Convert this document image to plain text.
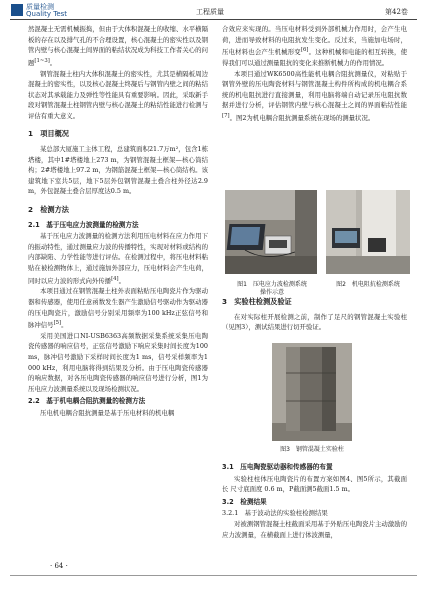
质量检测
Quality Test	工程质量	第42卷

然混凝土无需机械振捣，但由于大体积混凝土的收缩、水平横隔板的存在以及排气孔的不合理设置，核心混凝土的密实性以及钢管内壁与核心混凝土间界面的粘结状况成为科技工作者关心的问题[1~3]。

钢管混凝土柱内大体积混凝土的密实性，尤其是横隔板周边混凝土的密实性，以及核心混凝土终凝后与钢管内壁之间的粘结状态对其承载能力及弹性等性能具有重要影响。因此，采取新手段对钢管混凝土柱钢管内壁与核心混凝土的粘结性能进行检测与评估有重大意义。

1　项目概况

某总部大厦施工主体工程，总建筑面积21.7万m²，包含1栋塔楼，其中1#塔楼地上273 m，为钢管混凝土框架—核心筒结构；2#塔楼地上97.2 m，为钢筋混凝土框架—核心筒结构。该建筑地下室共5层，地下5层外包钢管混凝土叠合柱外径达2.9 m，外包混凝土叠合层厚度达0.5 m。

2　检测方法
2.1　基于压电应力波测量的检测方法

基于压电应力波测量的检测方法利用压电材料在应力作用下的振动特性，通过测量应力波的传播特性，实现对材料或结构的内部缺陷、力学性能等进行评估。在检测过程中，将压电材料粘贴在被检测物体上，通过施加外部应力，压电材料会产生电荷，同时以应力波的形式向外传播[4]。

本项目通过在钢管混凝土柱外表面粘贴压电陶瓷片作为驱动器和传感器，使用任意函数发生器产生激励信号驱动作为驱动器的压电陶瓷片，激励信号分别采用频率为100 kHz正弦信号和脉冲信号[5]。

采用美国进口NI-USB6363高频数据采集系统采集压电陶瓷传感器的响应信号，正弦信号激励下响应采集时间长度为100 ms，脉冲信号激励下采样时间长度为1 ms，信号采样频率为1 000 kHz，利用电脑将得到结果及分析。由于压电陶瓷传感器的响应数据，对各压电陶瓷传感器的响应信号进行分析，图1为压电应力波测量系统以及现场检测状况。

2.2　基于机电耦合阻抗测量的检测方法

压电机电耦合阻抗测量是基于压电材料的机电耦

合效应来实现的。当压电材料受到外部机械力作用时，会产生电荷，进而导致材料的电阻抗发生变化。反过来，当施加电场时，压电材料也会产生机械形变[6]。这种机械和电能的相互转换，使得我们可以通过测量阻抗的变化来推断机械力的作用情况。

本项目通过WK6500高性能机电耦合阻抗测量仪，对粘贴于钢管外壁的压电陶瓷材料与钢管混凝土构件所构成的机电耦合系统的机电阻抗进行直接测量，利用电脑将端自动记录压电阻抗数据并进行分析，评估钢管内壁与核心混凝土之间的界面粘结性能[7]。图2为机电耦合阻抗测量系统在现场的测量状况。

图1　压电应力波检测系统
操作示意
图2　机电阻抗检测系统
3　实验柱检测及验证

在对实际柱开展检测之前，制作了足尺的钢管混凝土实验柱（见图3），测试结果进行切开验证。

图3　钢管混凝土实验柱
3.1　压电陶瓷驱动器和传感器的布置

实验柱柱体压电陶瓷片的布置方案如图4、图5所示，其截面长 尺寸底面度 0.6 m，P截面测5截面1.5 m。

3.2　检测结果
3.2.1　基于波动法的实验柱检测结果

对被测钢管混凝土柱截面采用基于外贴压电陶瓷片主动激励的应力波测量，在横截面上进行体波测量，

· 64 ·
